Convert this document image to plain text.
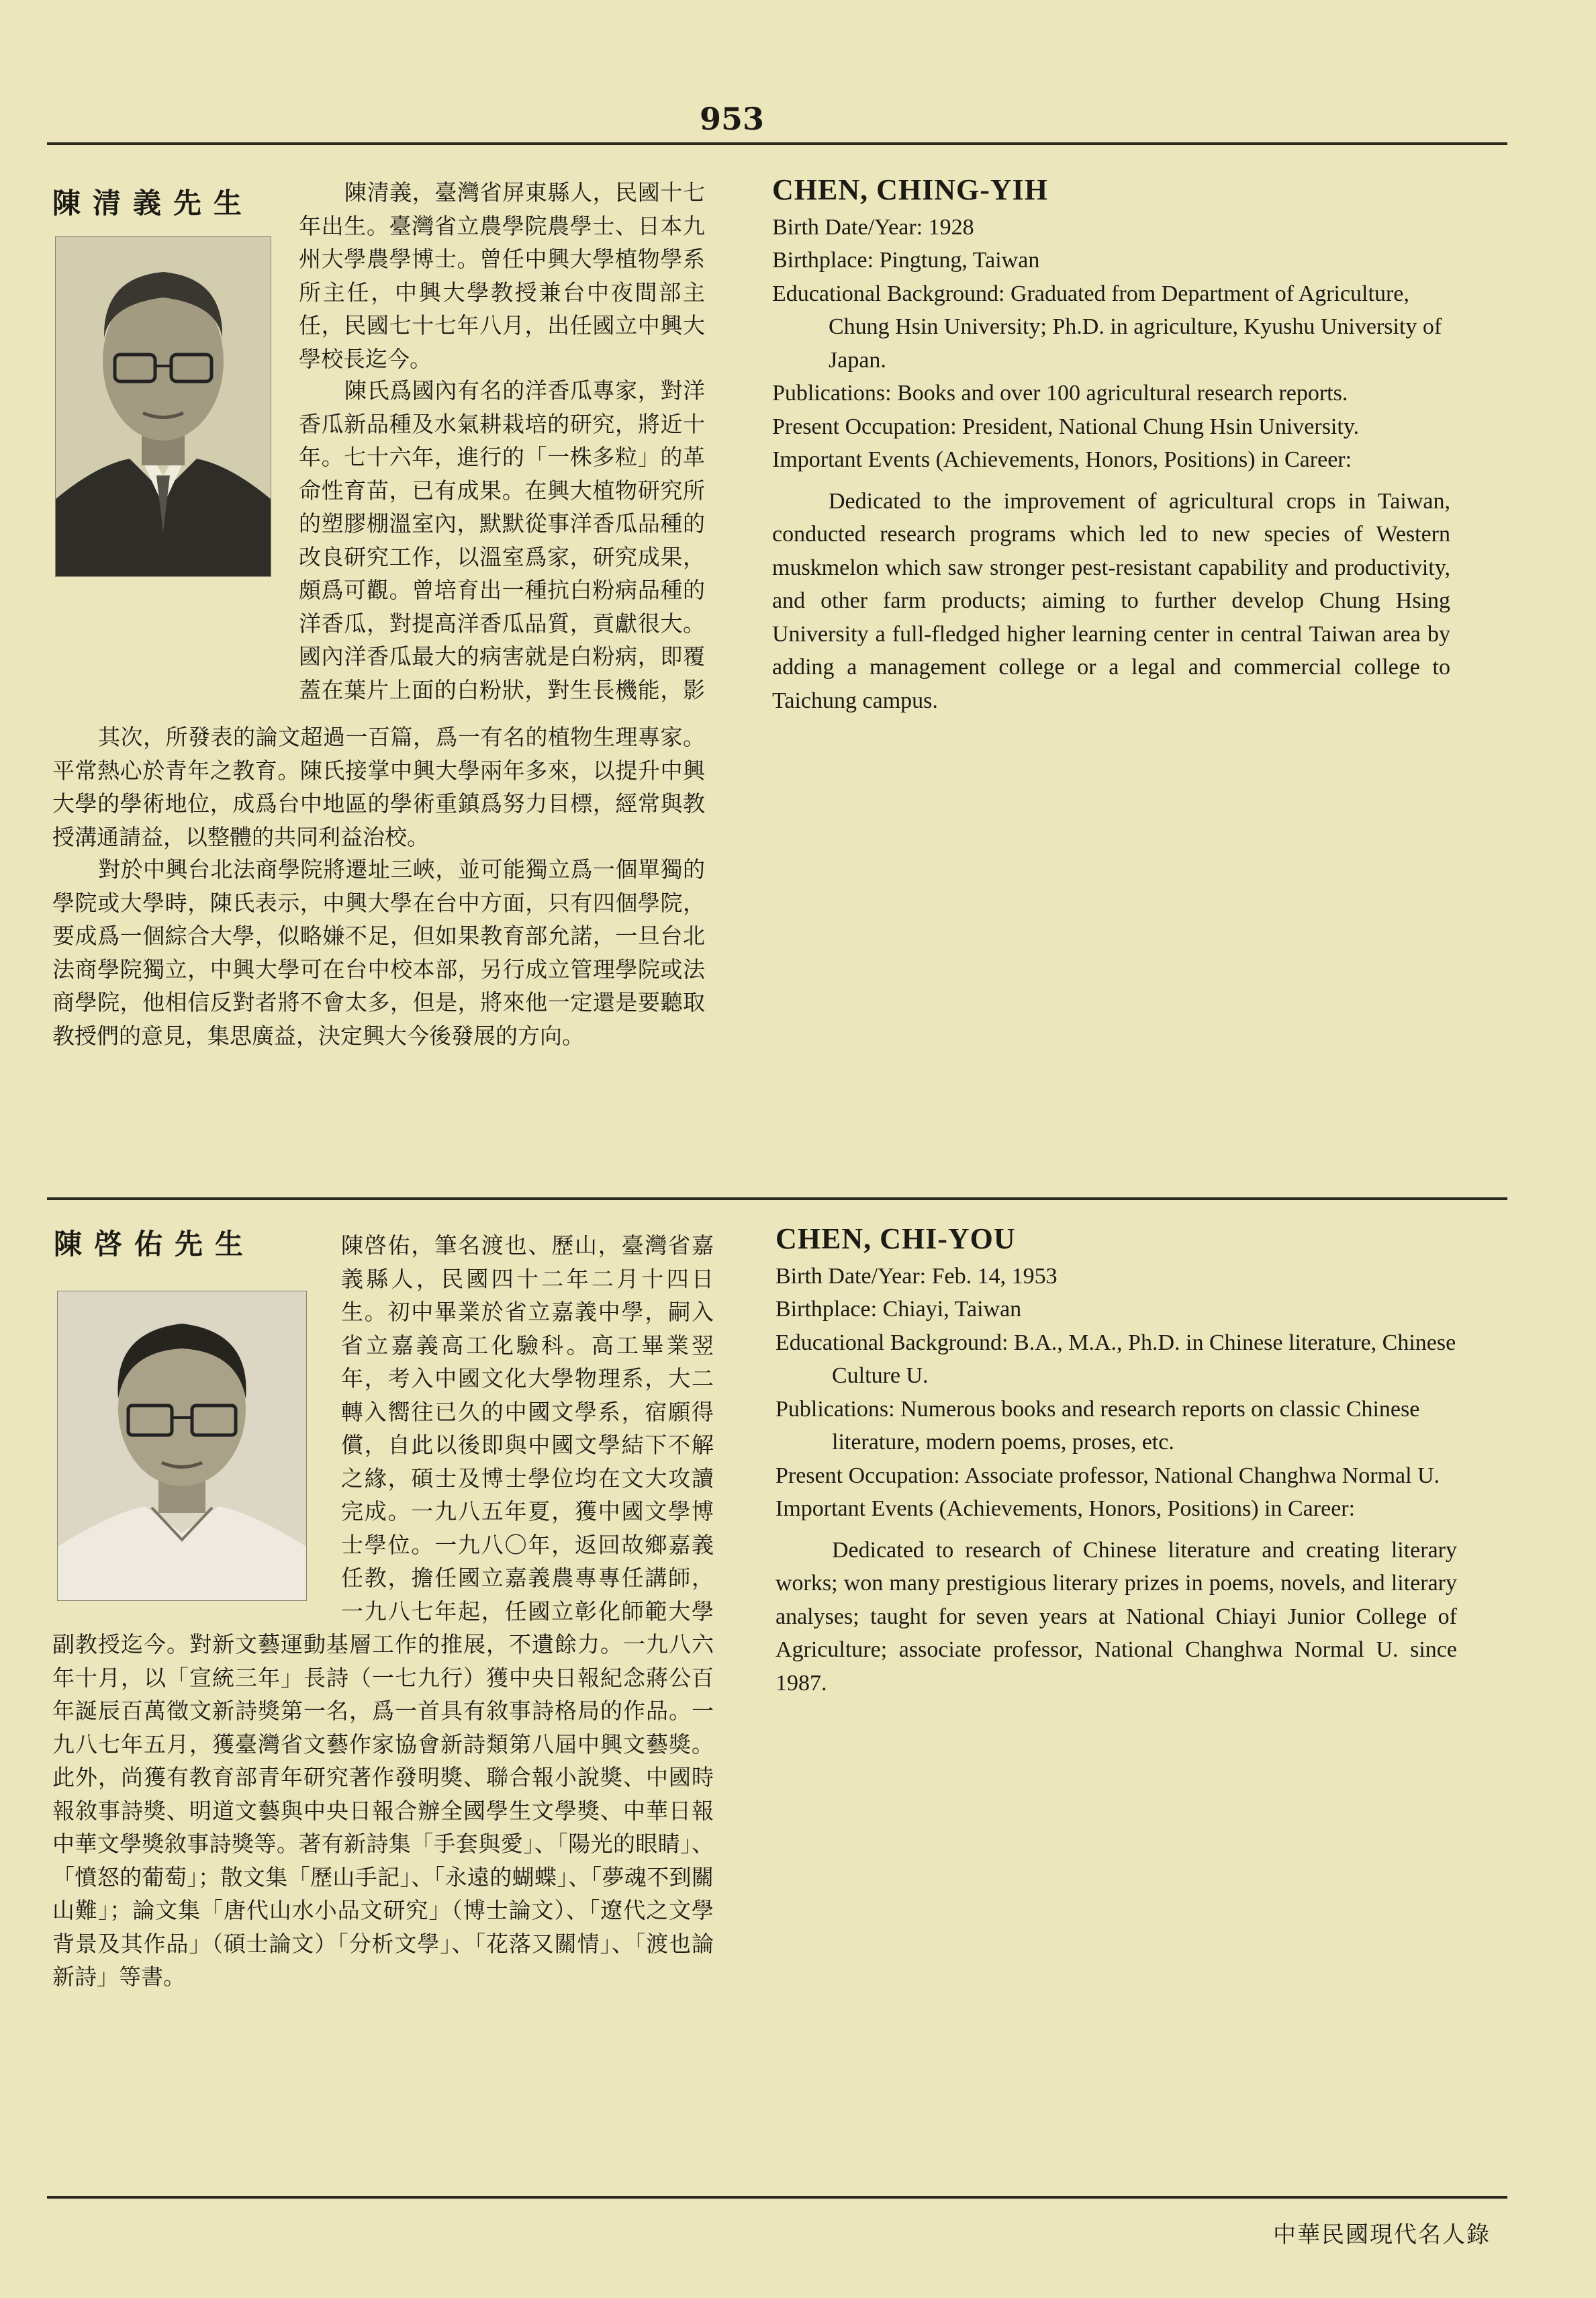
953
陳清義先生	陳清義，臺灣省屏東縣人，民國十七年出生。臺灣省立農學院農學士、日本九州大學農學博士。曾任中興大學植物學系所主任，中興大學教授兼台中夜間部主任，民國七十七年八月，出任國立中興大學校長迄今。
陳氏爲國內有名的洋香瓜專家，對洋香瓜新品種及水氣耕栽培的研究，將近十年。七十六年，進行的「一株多粒」的革命性育苗，已有成果。在興大植物研究所的塑膠棚溫室內，默默從事洋香瓜品種的改良研究工作，以溫室爲家，研究成果，頗爲可觀。曾培育出一種抗白粉病品種的洋香瓜，對提高洋香瓜品質，貢獻很大。國內洋香瓜最大的病害就是白粉病，即覆蓋在葉片上面的白粉狀，對生長機能，影
其次，所發表的論文超過一百篇，爲一有名的植物生理專家。平常熱心於青年之教育。陳氏接掌中興大學兩年多來，以提升中興大學的學術地位，成爲台中地區的學術重鎮爲努力目標，經常與教授溝通請益，以整體的共同利益治校。
對於中興台北法商學院將遷址三峽，並可能獨立爲一個單獨的學院或大學時，陳氏表示，中興大學在台中方面，只有四個學院，要成爲一個綜合大學，似略嫌不足，但如果教育部允諾，一旦台北法商學院獨立，中興大學可在台中校本部，另行成立管理學院或法商學院，他相信反對者將不會太多，但是，將來他一定還是要聽取教授們的意見，集思廣益，決定興大今後發展的方向。

CHEN, CHING-YIH

Birth Date/Year: 1928

Birthplace: Pingtung, Taiwan

Educational Background: Graduated from Department of Agriculture, Chung Hsin University; Ph.D. in agriculture, Kyushu University of Japan.

Publications: Books and over 100 agricultural research reports.

Present Occupation: President, National Chung Hsin University.

Important Events (Achievements, Honors, Positions) in Career:

Dedicated to the improvement of agricultural crops in Taiwan, conducted research programs which led to new species of Western muskmelon which saw stronger pest-resistant capability and productivity, and other farm products; aiming to further develop Chung Hsing University a full-fledged higher learning center in central Taiwan area by adding a management college or a legal and commercial college to Taichung campus.

陳啓佑先生	陳啓佑，筆名渡也、歷山，臺灣省嘉義縣人，民國四十二年二月十四日生。初中畢業於省立嘉義中學，嗣入省立嘉義高工化驗科。高工畢業翌年，考入中國文化大學物理系，大二轉入嚮往已久的中國文學系，宿願得償，自此以後即與中國文學結下不解之緣，碩士及博士學位均在文大攻讀完成。一九八五年夏，獲中國文學博士學位。一九八〇年，返回故鄉嘉義任教，擔任國立嘉義農專專任講師，一九八七年起，任國立彰化師範大學副教授迄今。對新文藝運動基層工作的推展，不遺餘力。一九八六年十月，以「宣統三年」長詩（一七九行）獲中央日報紀念蔣公百年誕辰百萬徵文新詩獎第一名，爲一首具有敘事詩格局的作品。一九八七年五月，獲臺灣省文藝作家協會新詩類第八屆中興文藝獎。此外，尚獲有教育部青年研究著作發明獎、聯合報小說獎、中國時報敘事詩獎、明道文藝與中央日報合辦全國學生文學獎、中華日報中華文學獎敘事詩獎等。著有新詩集「手套與愛」、「陽光的眼睛」、「憤怒的葡萄」；散文集「歷山手記」、「永遠的蝴蝶」、「夢魂不到關山難」；論文集「唐代山水小品文研究」（博士論文）、「遼代之文學背景及其作品」（碩士論文）「分析文學」、「花落又關情」、「渡也論新詩」等書。

CHEN, CHI-YOU

Birth Date/Year: Feb. 14, 1953

Birthplace: Chiayi, Taiwan

Educational Background: B.A., M.A., Ph.D. in Chinese literature, Chinese Culture U.

Publications: Numerous books and research reports on classic Chinese literature, modern poems, proses, etc.

Present Occupation: Associate professor, National Changhwa Normal U.

Important Events (Achievements, Honors, Positions) in Career:

Dedicated to research of Chinese literature and creating literary works; won many prestigious literary prizes in poems, novels, and literary analyses; taught for seven years at National Chiayi Junior College of Agriculture; associate professor, National Changhwa Normal U. since 1987.

中華民國現代名人錄
